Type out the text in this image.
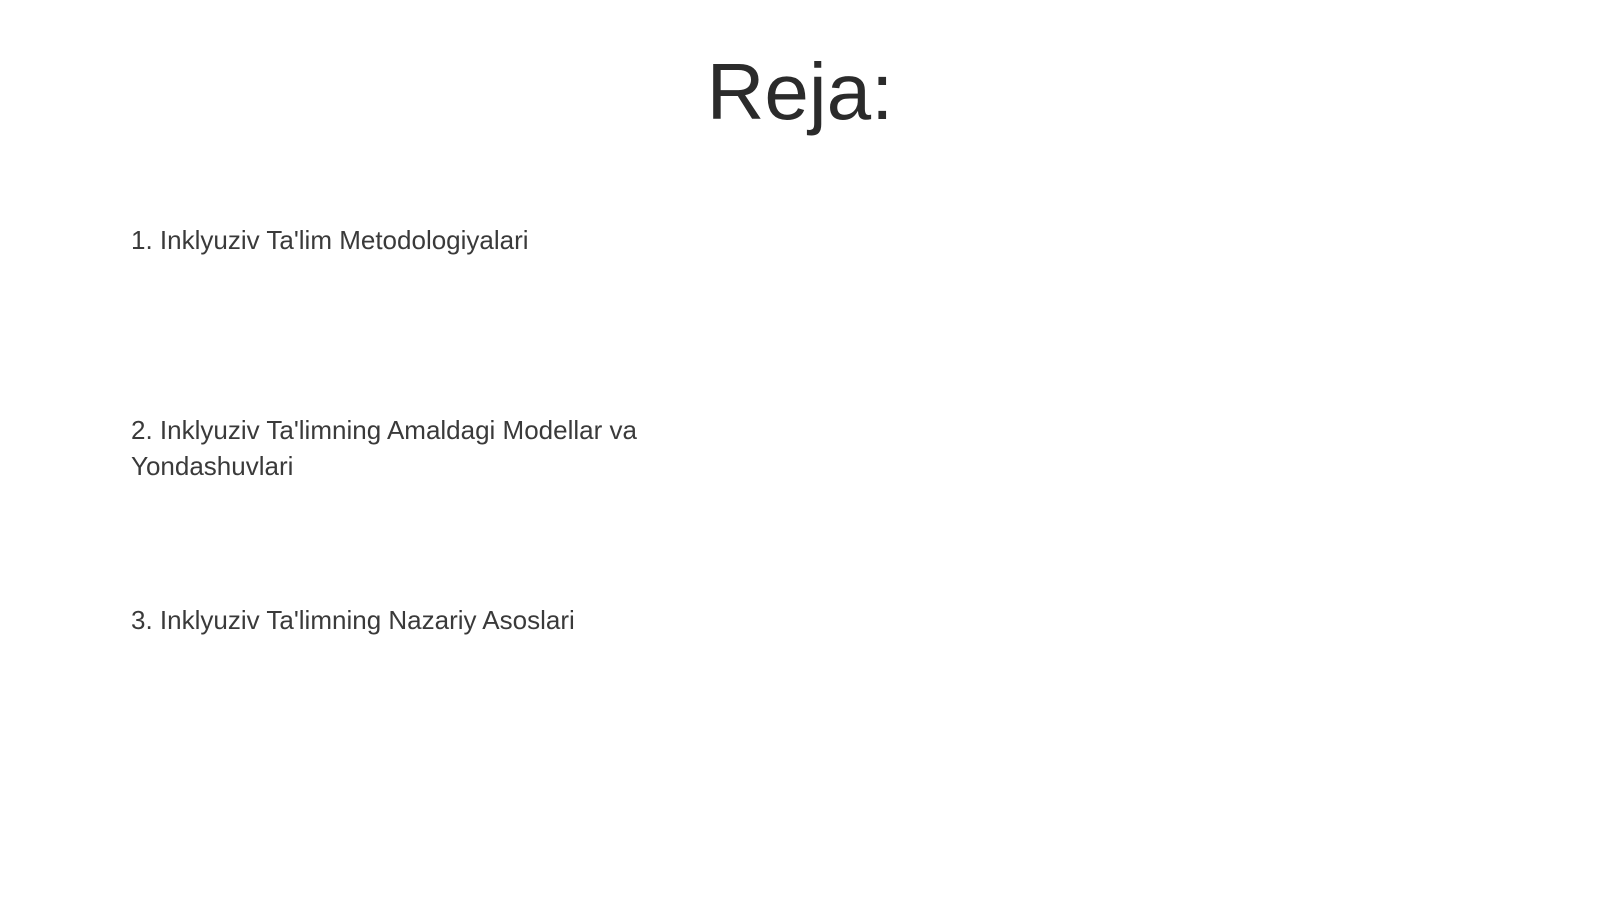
Reja:
1. Inklyuziv Ta'lim Metodologiyalari
2. Inklyuziv Ta'limning Amaldagi Modellar va Yondashuvlari
3. Inklyuziv Ta'limning Nazariy Asoslari
